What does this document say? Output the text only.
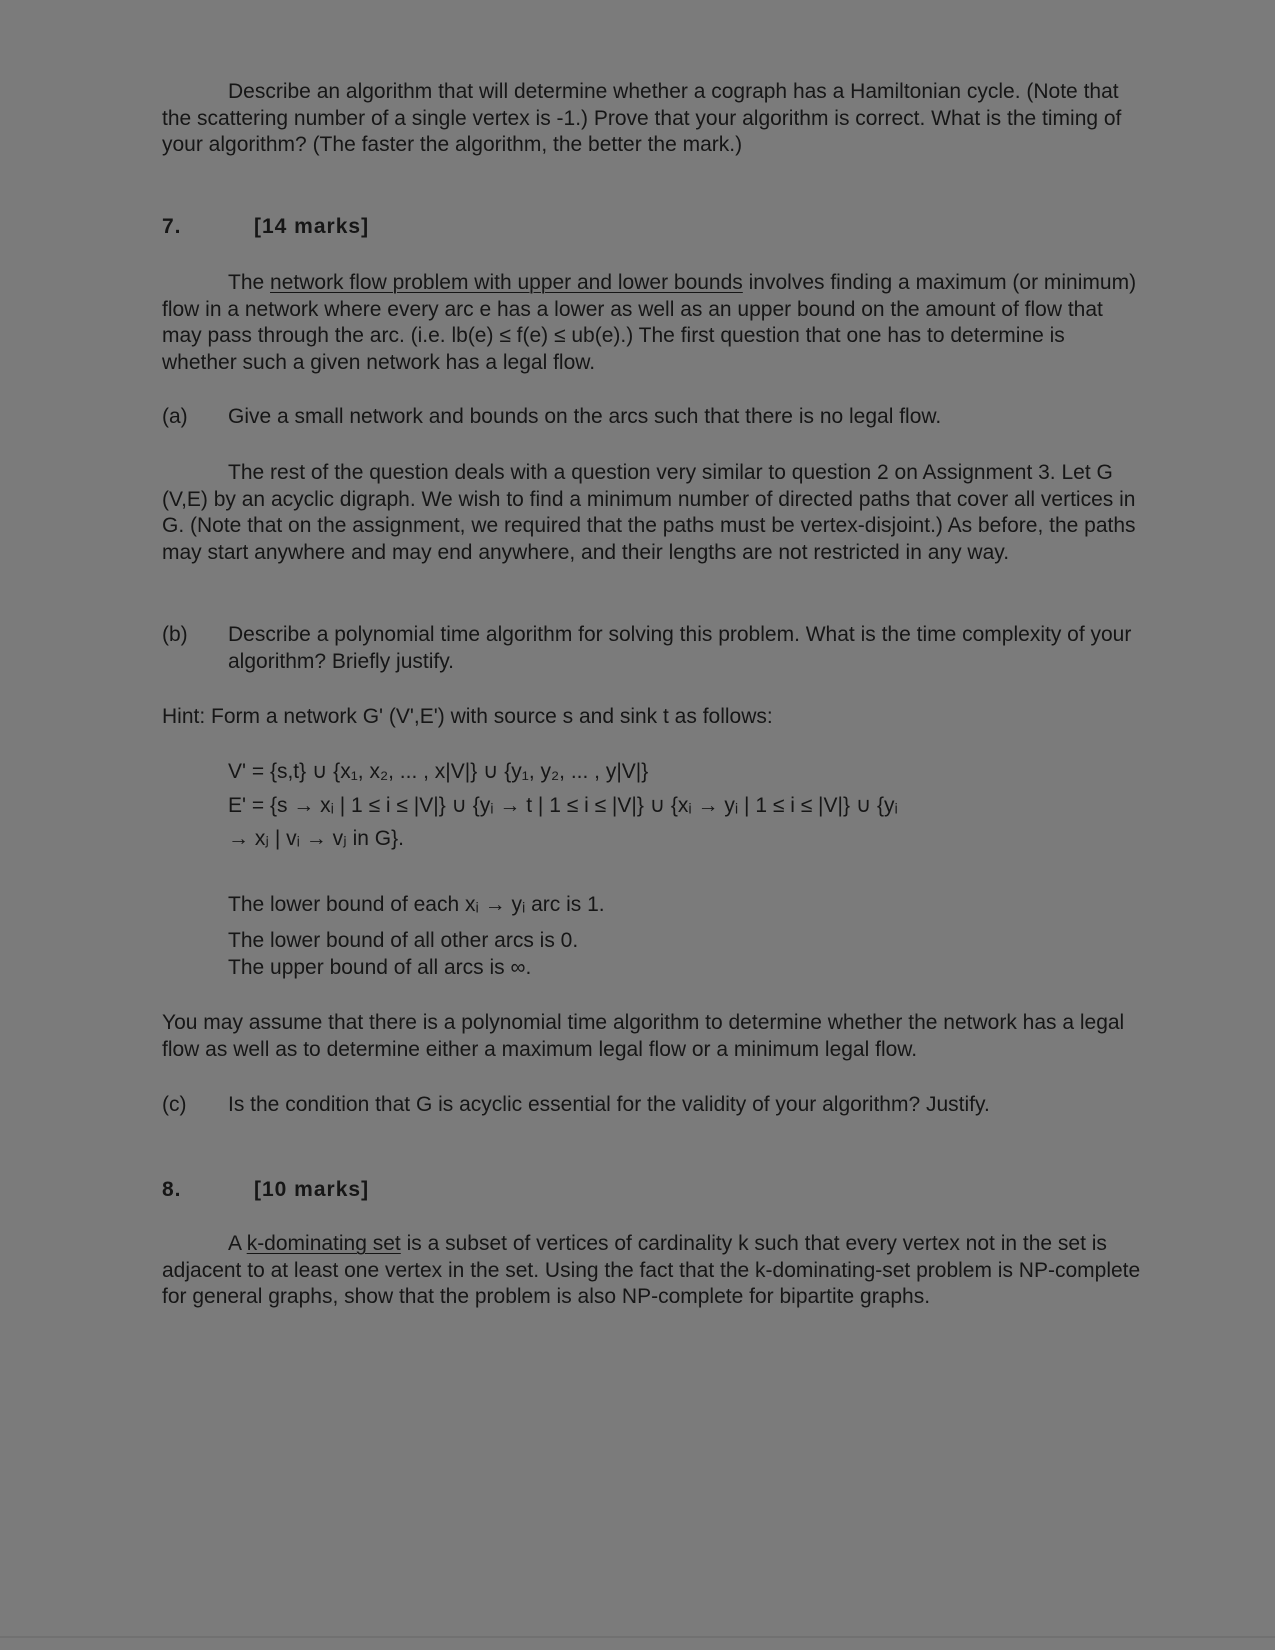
Describe an algorithm that will determine whether a cograph has a Hamiltonian cycle. (Note that the scattering number of a single vertex is -1.) Prove that your algorithm is correct. What is the timing of your algorithm? (The faster the algorithm, the better the mark.)

7.	[14 marks]

The network flow problem with upper and lower bounds involves finding a maximum (or minimum) flow in a network where every arc e has a lower as well as an upper bound on the amount of flow that may pass through the arc. (i.e. lb(e) ≤ f(e) ≤ ub(e).) The first question that one has to determine is whether such a given network has a legal flow.

(a) Give a small network and bounds on the arcs such that there is no legal flow.

The rest of the question deals with a question very similar to question 2 on Assignment 3. Let G (V,E) by an acyclic digraph. We wish to find a minimum number of directed paths that cover all vertices in G. (Note that on the assignment, we required that the paths must be vertex-disjoint.) As before, the paths may start anywhere and may end anywhere, and their lengths are not restricted in any way.

(b) Describe a polynomial time algorithm for solving this problem. What is the time complexity of your algorithm? Briefly justify.

Hint: Form a network G' (V',E') with source s and sink t as follows:

V' = {s,t} ∪ {x₁, x₂, ... , x|V|} ∪ {y₁, y₂, ... , y|V|}

E' = {s → xᵢ | 1 ≤ i ≤ |V|} ∪ {yᵢ → t | 1 ≤ i ≤ |V|} ∪ {xᵢ → yᵢ | 1 ≤ i ≤ |V|} ∪ {yᵢ

→ xⱼ | vᵢ → vⱼ in G}.

The lower bound of each xᵢ → yᵢ arc is 1.

The lower bound of all other arcs is 0.

The upper bound of all arcs is ∞.

You may assume that there is a polynomial time algorithm to determine whether the network has a legal flow as well as to determine either a maximum legal flow or a minimum legal flow.

(c) Is the condition that G is acyclic essential for the validity of your algorithm? Justify.

8.	[10 marks]

A k-dominating set is a subset of vertices of cardinality k such that every vertex not in the set is adjacent to at least one vertex in the set. Using the fact that the k-dominating-set problem is NP-complete for general graphs, show that the problem is also NP-complete for bipartite graphs.
